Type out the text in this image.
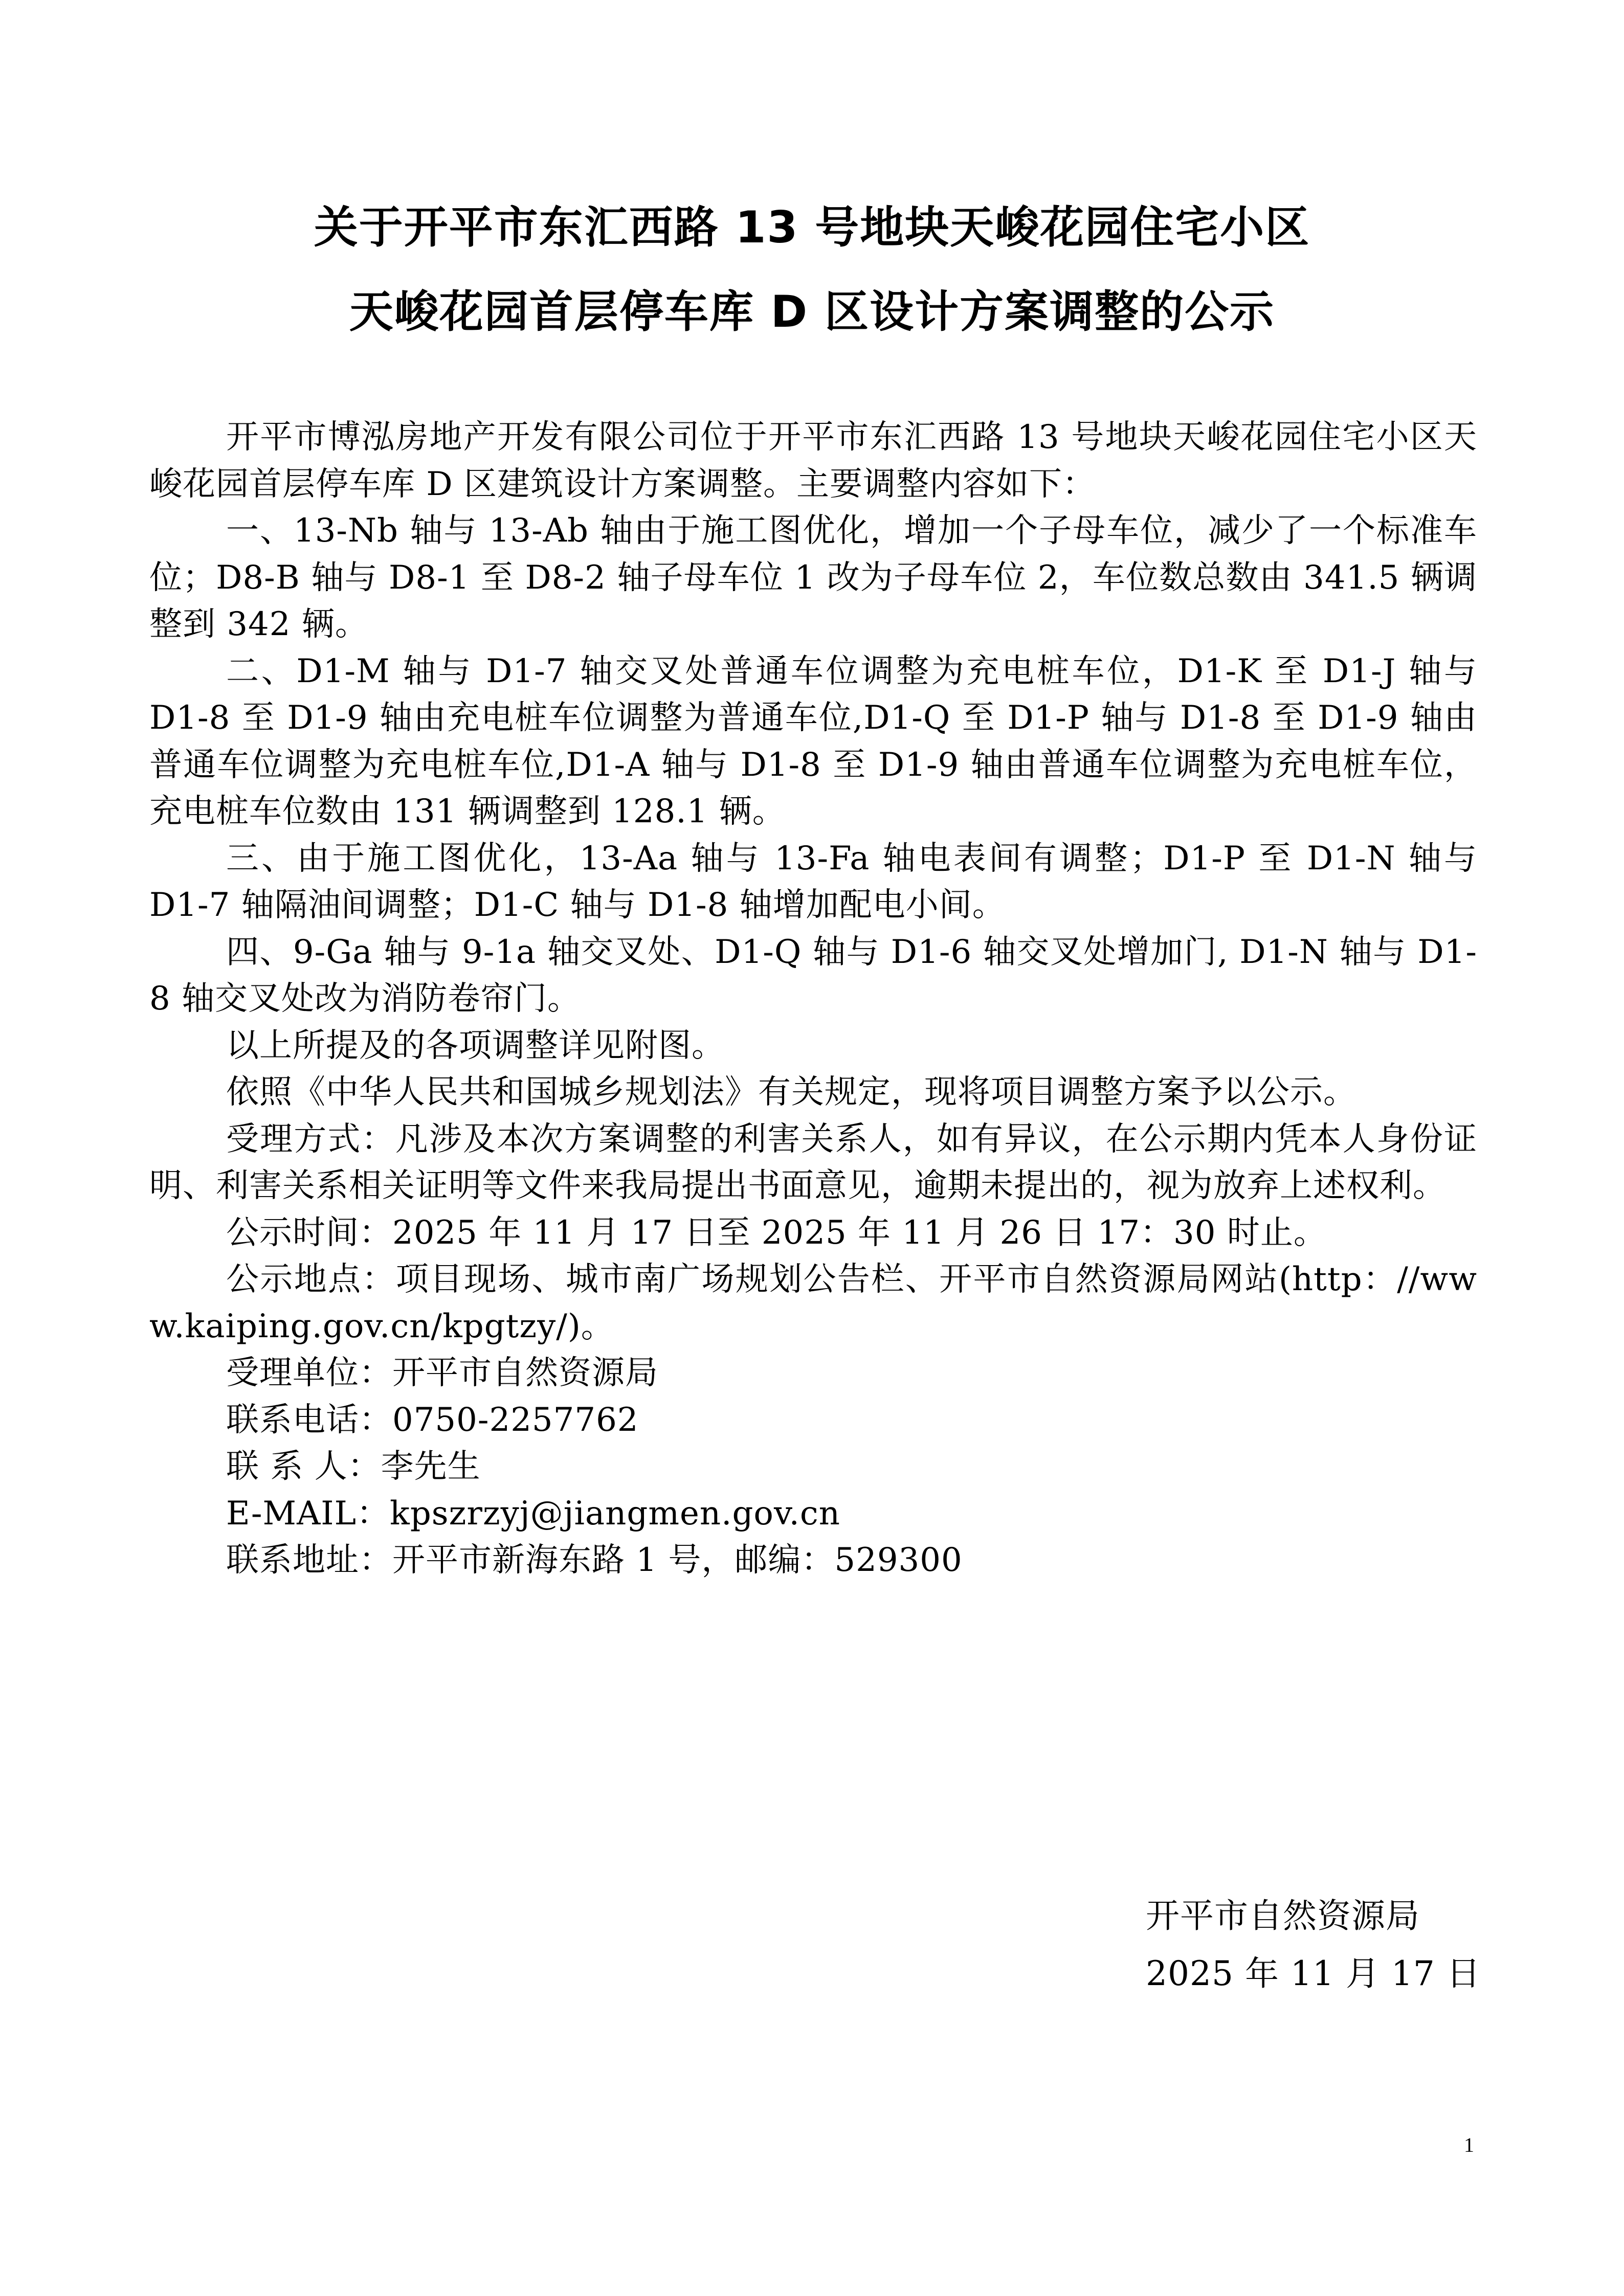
关于开平市东汇西路 13 号地块天峻花园住宅小区
天峻花园首层停车库 D 区设计方案调整的公示

开平市博泓房地产开发有限公司位于开平市东汇西路 13 号地块天峻花园住宅小区天峻花园首层停车库 D 区建筑设计方案调整。主要调整内容如下：

一、13-Nb 轴与 13-Ab 轴由于施工图优化，增加一个子母车位，减少了一个标准车位；D8-B 轴与 D8-1 至 D8-2 轴子母车位 1 改为子母车位 2，车位数总数由 341.5 辆调整到 342 辆。

二、D1-M 轴与 D1-7 轴交叉处普通车位调整为充电桩车位，D1-K 至 D1-J 轴与 D1-8 至 D1-9 轴由充电桩车位调整为普通车位,D1-Q 至 D1-P 轴与 D1-8 至 D1-9 轴由普通车位调整为充电桩车位,D1-A 轴与 D1-8 至 D1-9 轴由普通车位调整为充电桩车位，充电桩车位数由 131 辆调整到 128.1 辆。

三、由于施工图优化，13-Aa 轴与 13-Fa 轴电表间有调整；D1-P 至 D1-N 轴与 D1-7 轴隔油间调整；D1-C 轴与 D1-8 轴增加配电小间。

四、9-Ga 轴与 9-1a 轴交叉处、D1-Q 轴与 D1-6 轴交叉处增加门, D1-N 轴与 D1-8 轴交叉处改为消防卷帘门。

以上所提及的各项调整详见附图。

依照《中华人民共和国城乡规划法》有关规定，现将项目调整方案予以公示。

受理方式：凡涉及本次方案调整的利害关系人，如有异议，在公示期内凭本人身份证明、利害关系相关证明等文件来我局提出书面意见，逾期未提出的，视为放弃上述权利。

公示时间：2025 年 11 月 17 日至 2025 年 11 月 26 日 17：30 时止。

公示地点：项目现场、城市南广场规划公告栏、开平市自然资源局网站(http：//www.kaiping.gov.cn/kpgtzy/)。

受理单位：开平市自然资源局

联系电话：0750-2257762

联 系 人：李先生

E-MAIL：kpszrzyj@jiangmen.gov.cn

联系地址：开平市新海东路 1 号，邮编：529300

开平市自然资源局
2025 年 11 月 17 日
1
